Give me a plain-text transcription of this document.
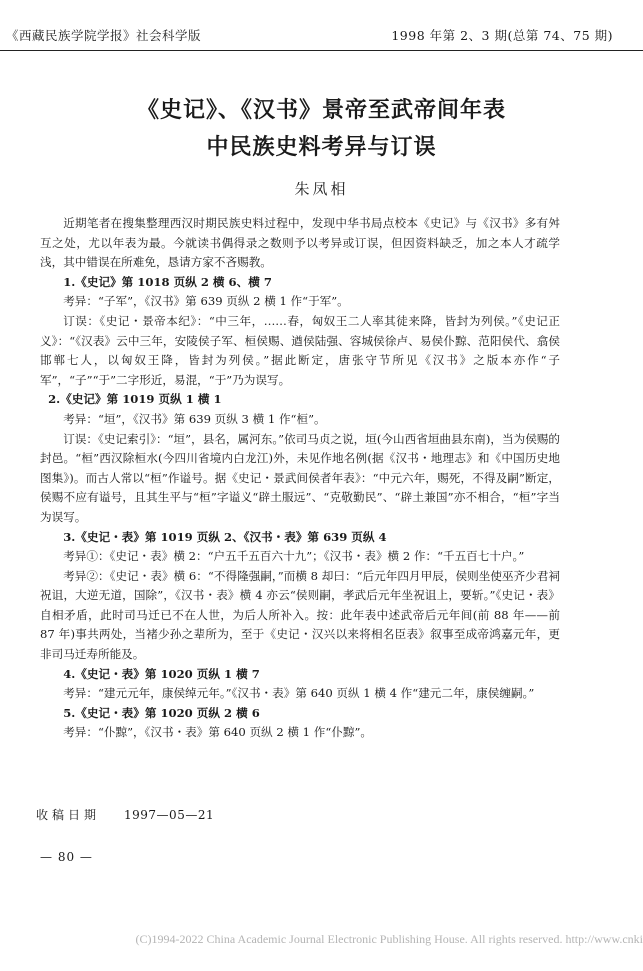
《西藏民族学院学报》社会科学版	1998 年第 2、3 期(总第 74、75 期)
《史记》、《汉书》景帝至武帝间年表
中民族史料考异与订误
朱凤相

近期笔者在搜集整理西汉时期民族史料过程中，发现中华书局点校本《史记》与《汉书》多有舛互之处，尤以年表为最。今就读书偶得录之数则予以考异或订误，但因资料缺乏，加之本人才疏学浅，其中错误在所难免，恳请方家不吝赐教。

1.《史记》第 1018 页纵 2 横 6、横 7

考异：“子军”，《汉书》第 639 页纵 2 横 1 作“于军”。

订误：《史记・景帝本纪》：“中三年，……春，匈奴王二人率其徒来降，皆封为列侯。”《史记正义》：“《汉表》云中三年，安陵侯子军、桓侯赐、遒侯陆强、容城侯徐卢、易侯仆黥、范阳侯代、翕侯邯郸七人，以匈奴王降，皆封为列侯。”据此断定，唐张守节所见《汉书》之版本亦作“子军”，“子”“于”二字形近，易混，“于”乃为误写。

2.《史记》第 1019 页纵 1 横 1

考异：“垣”，《汉书》第 639 页纵 3 横 1 作“桓”。

订误：《史记索引》：“垣”，县名，属河东。”依司马贞之说，垣(今山西省垣曲县东南)，当为侯赐的封邑。“桓”西汉除桓水(今四川省境内白龙江)外，未见作地名例(据《汉书・地理志》和《中国历史地图集》)。而古人常以“桓”作谥号。据《史记・景武间侯者年表》：“中元六年，赐死，不得及嗣”断定，侯赐不应有谥号，且其生平与“桓”字谥义“辟土服远”、“克敬勤民”、“辟土兼国”亦不相合，“桓”字当为误写。

3.《史记・表》第 1019 页纵 2、《汉书・表》第 639 页纵 4

考异①：《史记・表》横 2：“户五千五百六十九”；《汉书・表》横 2 作：“千五百七十户。”

考异②：《史记・表》横 6：“不得隆强嗣，”而横 8 却曰：“后元年四月甲辰，侯则坐使巫齐少君祠祝诅，大逆无道，国除”，《汉书・表》横 4 亦云“侯则嗣，孝武后元年坐祝诅上，要斩。”《史记・表》自相矛盾，此时司马迁已不在人世，为后人所补入。按：此年表中述武帝后元年间(前 88 年——前 87 年)事共两处，当褚少孙之辈所为，至于《史记・汉兴以来将相名臣表》叙事至成帝鸿嘉元年，更非司马迁寿所能及。

4.《史记・表》第 1020 页纵 1 横 7

考异：“建元元年，康侯绰元年。”《汉书・表》第 640 页纵 1 横 4 作“建元二年，康侯缠嗣。”

5.《史记・表》第 1020 页纵 2 横 6

考异：“仆黥”，《汉书・表》第 640 页纵 2 横 1 作“仆黥”。

收稿日期 1997—05—21
— 80 —
(C)1994-2022 China Academic Journal Electronic Publishing House. All rights reserved. http://www.cnki
